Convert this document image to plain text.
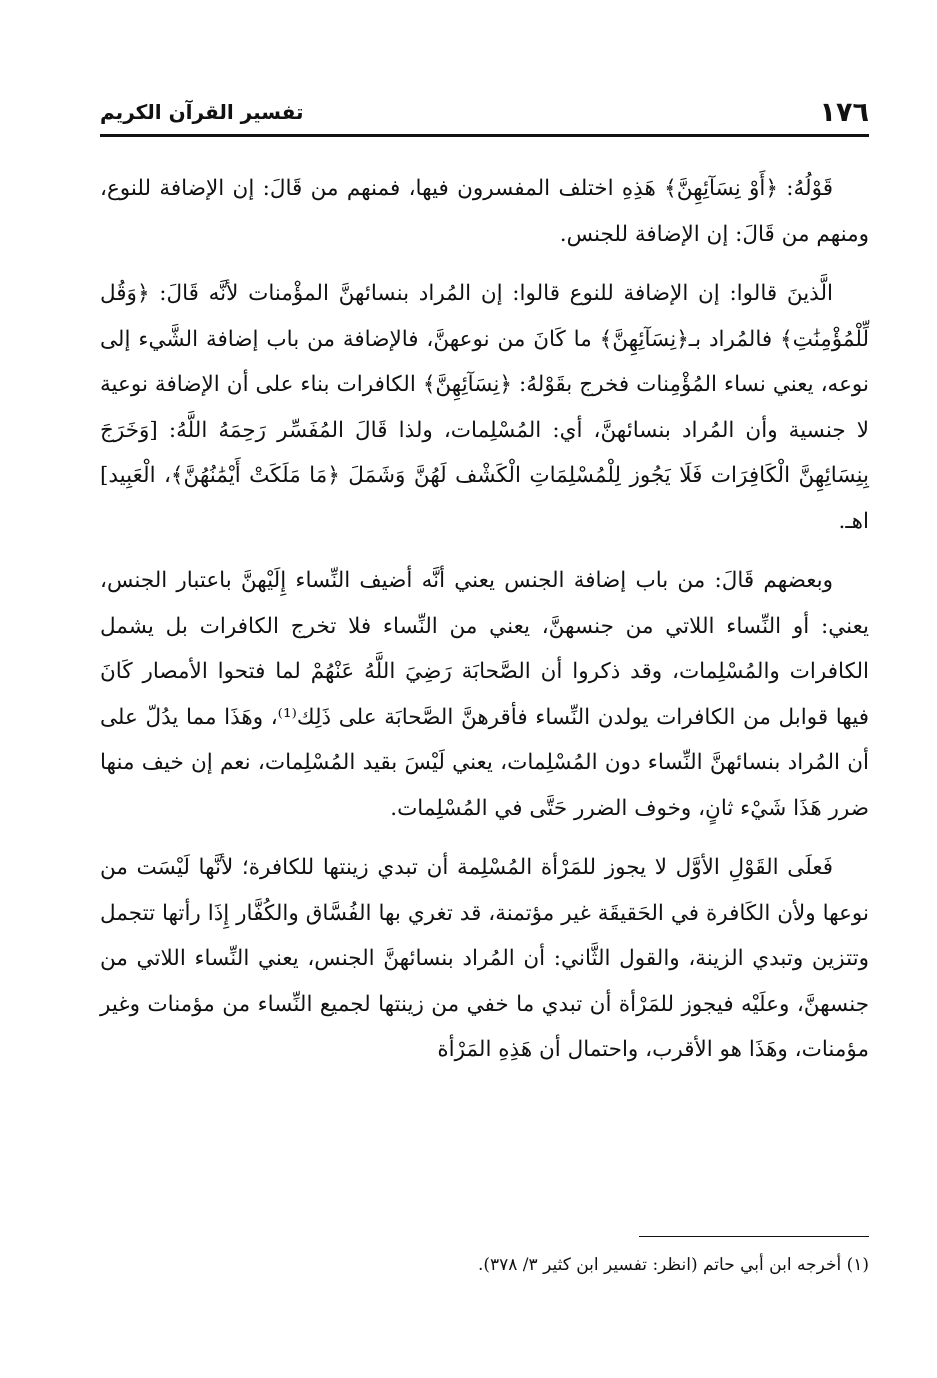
١٧٦
تفسير القرآن الكريم

قَوْلُهُ: ﴿أَوْ نِسَآئِهِنَّ﴾ هَذِهِ اختلف المفسرون فيها، فمنهم من قَالَ: إن الإضافة للنوع، ومنهم من قَالَ: إن الإضافة للجنس.

الَّذينَ قالوا: إن الإضافة للنوع قالوا: إن المُراد بنسائهنَّ المؤْمنات لأنَّه قَالَ: ﴿وَقُل لِّلْمُؤْمِنَٰتِ﴾ فالمُراد بـ﴿نِسَآئِهِنَّ﴾ ما كَانَ من نوعهنَّ، فالإضافة من باب إضافة الشَّيء إلى نوعه، يعني نساء المُؤْمِنات فخرج بقَوْلهُ: ﴿نِسَآئِهِنَّ﴾ الكافرات بناء على أن الإضافة نوعية لا جنسية وأن المُراد بنسائهنَّ، أي: المُسْلِمات، ولذا قَالَ المُفَسِّر رَحِمَهُ اللَّهُ: [وَخَرَجَ بِنِسَائِهِنَّ الْكَافِرَات فَلَا يَجُوز لِلْمُسْلِمَاتِ الْكَشْف لَهُنَّ وَشَمَلَ ﴿مَا مَلَكَتْ أَيْمَٰنُهُنَّ﴾، الْعَبِيد] اهـ.

وبعضهم قَالَ: من باب إضافة الجنس يعني أنَّه أضيف النِّساء إِلَيْهنَّ باعتبار الجنس، يعني: أو النِّساء اللاتي من جنسهنَّ، يعني من النِّساء فلا تخرج الكافرات بل يشمل الكافرات والمُسْلِمات، وقد ذكروا أن الصَّحابَة رَضِيَ اللَّهُ عَنْهُمْ لما فتحوا الأمصار كَانَ فيها قوابل من الكافرات يولدن النِّساء فأقرهنَّ الصَّحابَة على ذَلِك⁽¹⁾، وهَذَا مما يدُلّ على أن المُراد بنسائهنَّ النِّساء دون المُسْلِمات، يعني لَيْسَ بقيد المُسْلِمات، نعم إن خيف منها ضرر هَذَا شَيْء ثانٍ، وخوف الضرر حَتَّى في المُسْلِمات.

فَعلَى القَوْلِ الأوَّل لا يجوز للمَرْأة المُسْلِمة أن تبدي زينتها للكافرة؛ لأنَّها لَيْسَت من نوعها ولأن الكَافرة في الحَقيقَة غير مؤتمنة، قد تغري بها الفُسَّاق والكُفَّار إِذَا رأتها تتجمل وتتزين وتبدي الزينة، والقول الثَّاني: أن المُراد بنسائهنَّ الجنس، يعني النِّساء اللاتي من جنسهنَّ، وعلَيْه فيجوز للمَرْأة أن تبدي ما خفي من زينتها لجميع النِّساء من مؤمنات وغير مؤمنات، وهَذَا هو الأقرب، واحتمال أن هَذِهِ المَرْأة

(١) أخرجه ابن أبي حاتم (انظر: تفسير ابن كثير ٣/ ٣٧٨).
